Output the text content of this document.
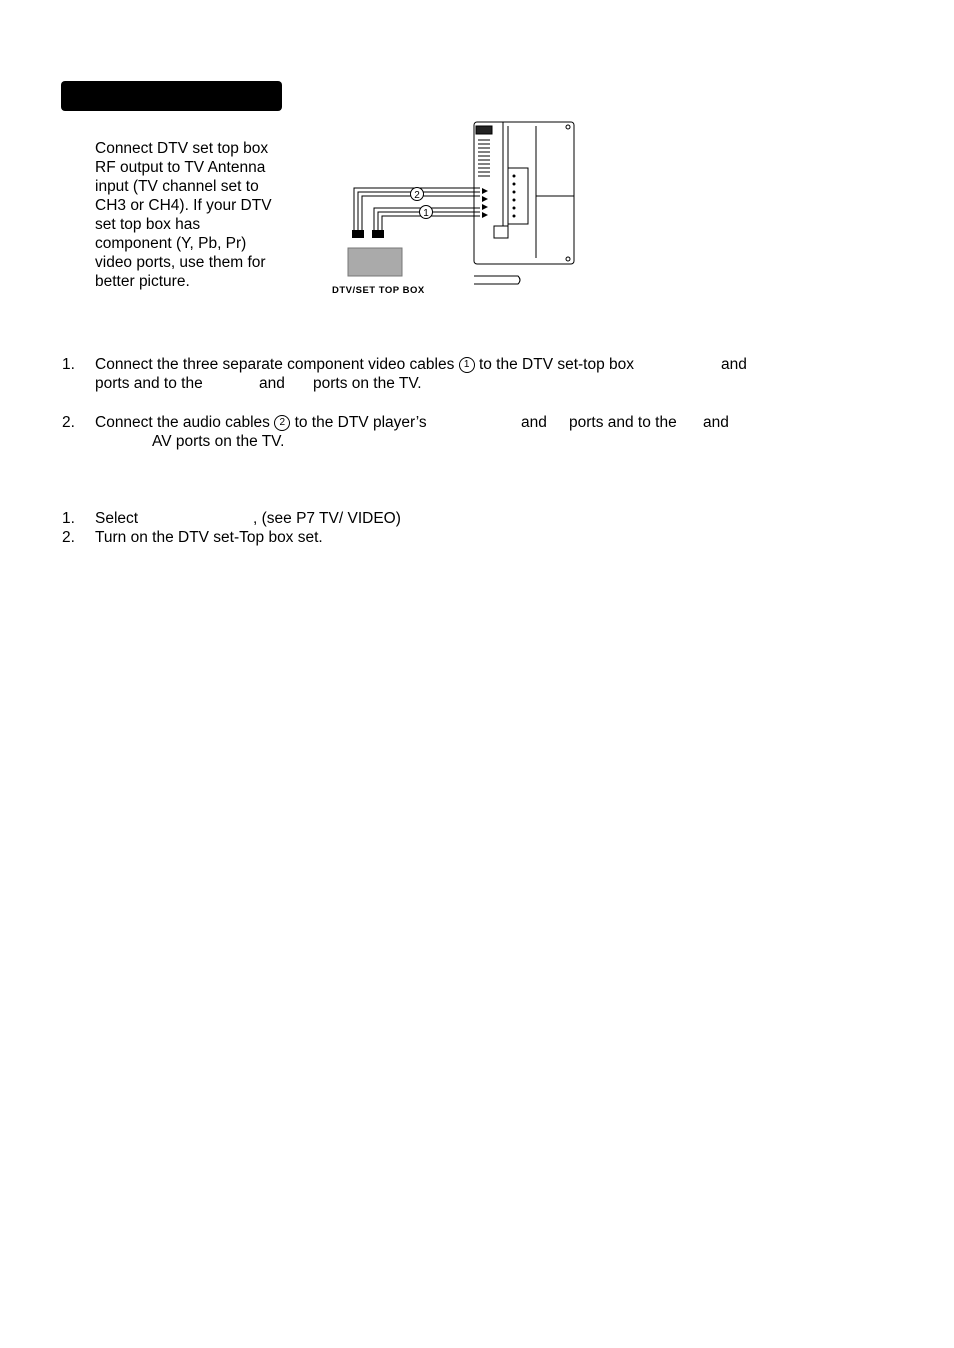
Connect DTV set top box
RF output to TV Antenna
input (TV channel set to
CH3 or CH4). If your DTV
set top box has
component (Y, Pb, Pr)
video ports, use them for
better picture.
2
1
DTV/SET TOP BOX
1. Connect the three separate component video cables 1 to the DTV set-top box	and
ports and to the	and ports on the TV.
2. Connect the audio cables 2 to the DTV player’s	and ports and to the and
AV ports on the TV.
1. Select	, (see P7 TV/ VIDEO)
2. Turn on the DTV set-Top box set.
